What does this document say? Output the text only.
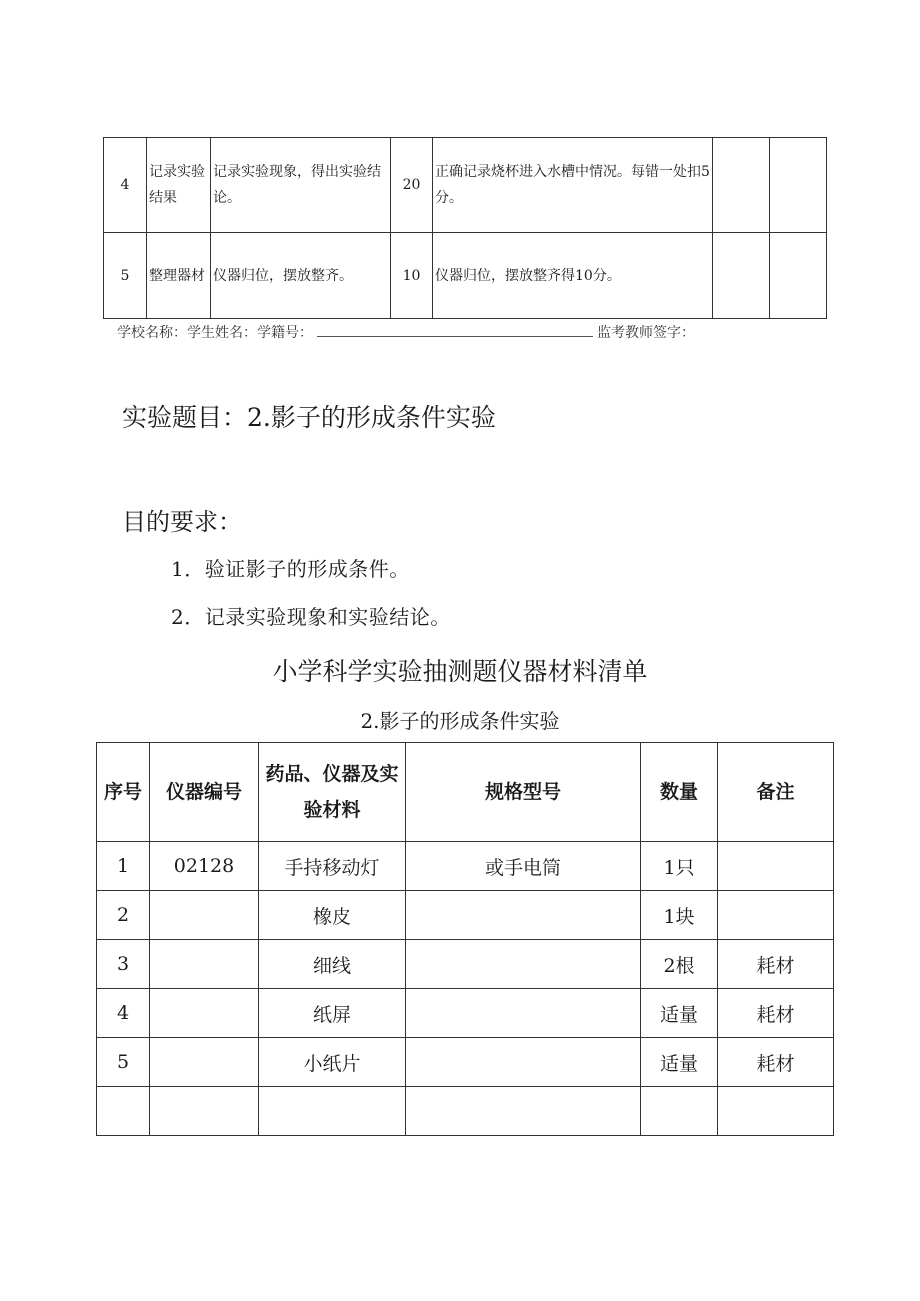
4	记录实验结果	记录实验现象，得出实验结论。	20	正确记录烧杯进入水槽中情况。每错一处扣5分。		
5	整理器材	仪器归位，摆放整齐。	10	仪器归位，摆放整齐得10分。		
学校名称：学生姓名：学籍号：	监考教师签字：
实验题目：2.影子的形成条件实验
目的要求：
1．验证影子的形成条件。
2．记录实验现象和实验结论。
小学科学实验抽测题仪器材料清单
2.影子的形成条件实验
序号	仪器编号	药品、仪器及实验材料	规格型号	数量	备注
1	02128	手持移动灯	或手电筒	1只	
2		橡皮		1块	
3		细线		2根	耗材
4		纸屏		适量	耗材
5		小纸片		适量	耗材
